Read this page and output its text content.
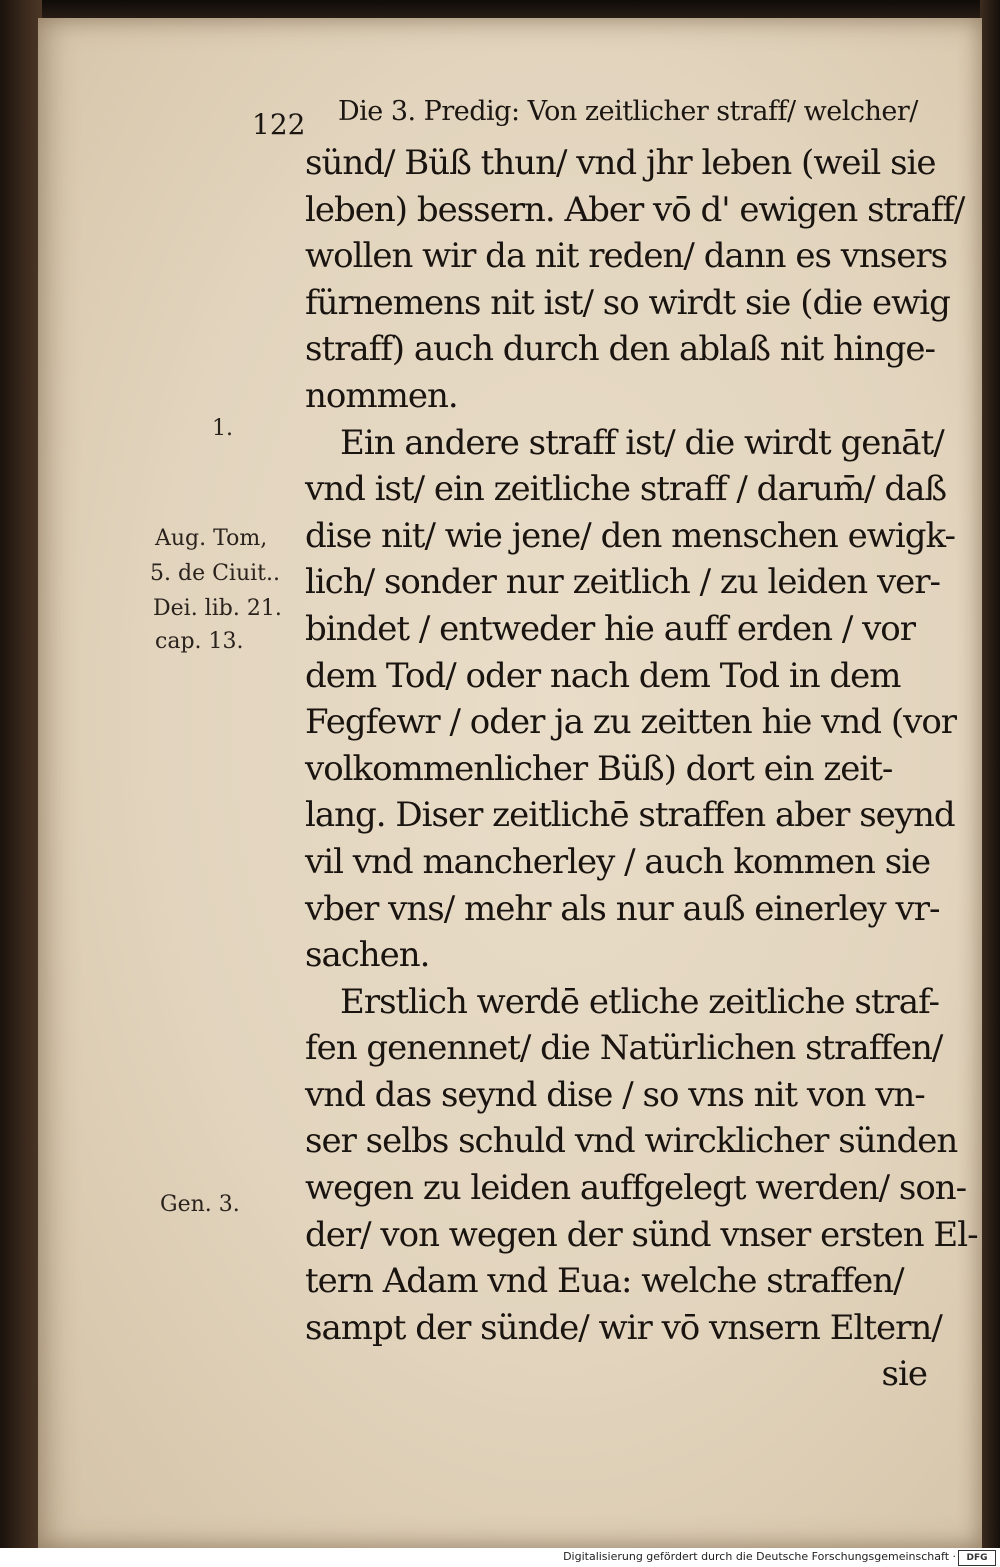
122 Die 3. Predig: Von zeitlicher straff/ welcher/
sünd/ Büß thun/ vnd jhr leben (weil sie
leben) bessern. Aber vō d' ewigen straff/
wollen wir da nit reden/ dann es vnsers
fürnemens nit ist/ so wirdt sie (die ewig
straff) auch durch den ablaß nit hinge-
nommen.
Ein andere straff ist/ die wirdt genāt/
vnd ist/ ein zeitliche straff / darum̄/ daß
dise nit/ wie jene/ den menschen ewigk-
lich/ sonder nur zeitlich / zu leiden ver-
bindet / entweder hie auff erden / vor
dem Tod/ oder nach dem Tod in dem
Fegfewr / oder ja zu zeitten hie vnd (vor
volkommenlicher Büß) dort ein zeit-
lang. Diser zeitlichē straffen aber seynd
vil vnd mancherley / auch kommen sie
vber vns/ mehr als nur auß einerley vr-
sachen.
Erstlich werdē etliche zeitliche straf-
fen genennet/ die Natürlichen straffen/
vnd das seynd dise / so vns nit von vn-
ser selbs schuld vnd wircklicher sünden
wegen zu leiden auffgelegt werden/ son-
der/ von wegen der sünd vnser ersten El-
tern Adam vnd Eua: welche straffen/
sampt der sünde/ wir vō vnsern Eltern/
sie
1.
Aug. Tom,
5. de Ciuit..
Dei. lib. 21.
cap. 13.
Gen. 3.
Digitalisierung gefördert durch die Deutsche Forschungsgemeinschaft ·	DFG
